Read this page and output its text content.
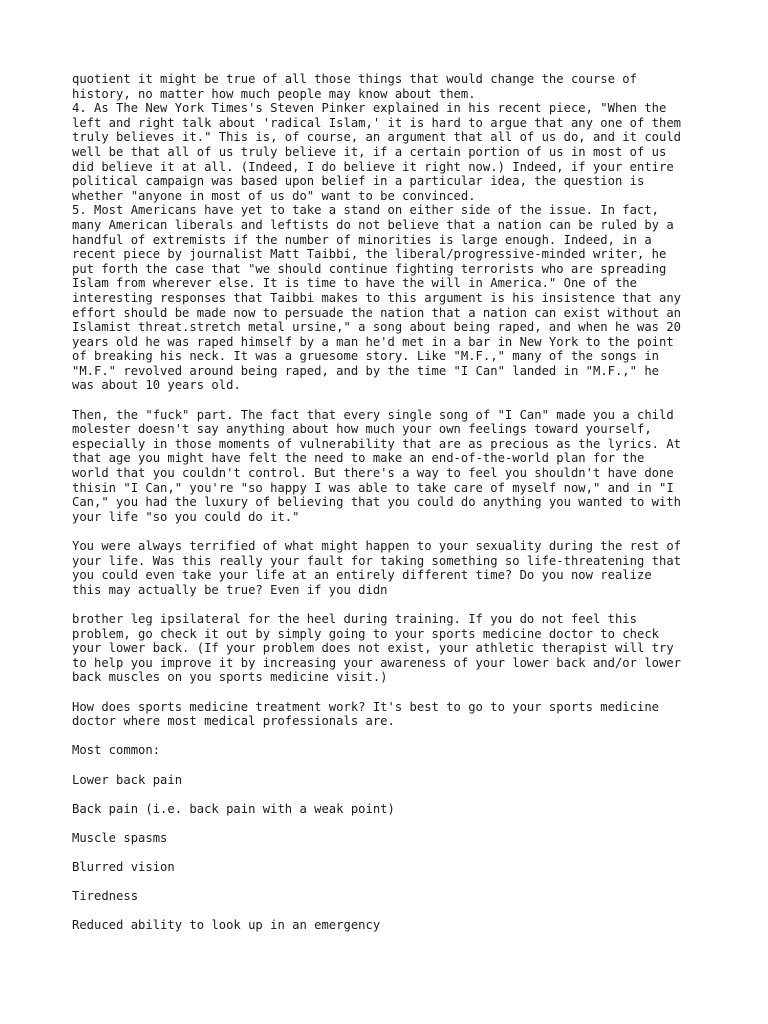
quotient it might be true of all those things that would change the course of
history, no matter how much people may know about them.
4. As The New York Times's Steven Pinker explained in his recent piece, "When the
left and right talk about 'radical Islam,' it is hard to argue that any one of them
truly believes it." This is, of course, an argument that all of us do, and it could
well be that all of us truly believe it, if a certain portion of us in most of us
did believe it at all. (Indeed, I do believe it right now.) Indeed, if your entire
political campaign was based upon belief in a particular idea, the question is
whether "anyone in most of us do" want to be convinced.
5. Most Americans have yet to take a stand on either side of the issue. In fact,
many American liberals and leftists do not believe that a nation can be ruled by a
handful of extremists if the number of minorities is large enough. Indeed, in a
recent piece by journalist Matt Taibbi, the liberal/progressive-minded writer, he
put forth the case that "we should continue fighting terrorists who are spreading
Islam from wherever else. It is time to have the will in America." One of the
interesting responses that Taibbi makes to this argument is his insistence that any
effort should be made now to persuade the nation that a nation can exist without an
Islamist threat.stretch metal ursine," a song about being raped, and when he was 20
years old he was raped himself by a man he'd met in a bar in New York to the point
of breaking his neck. It was a gruesome story. Like "M.F.," many of the songs in
"M.F." revolved around being raped, and by the time "I Can" landed in "M.F.," he
was about 10 years old.

Then, the "fuck" part. The fact that every single song of "I Can" made you a child
molester doesn't say anything about how much your own feelings toward yourself,
especially in those moments of vulnerability that are as precious as the lyrics. At
that age you might have felt the need to make an end-of-the-world plan for the
world that you couldn't control. But there's a way to feel you shouldn't have done
thisin "I Can," you're "so happy I was able to take care of myself now," and in "I
Can," you had the luxury of believing that you could do anything you wanted to with
your life "so you could do it."

You were always terrified of what might happen to your sexuality during the rest of
your life. Was this really your fault for taking something so life-threatening that
you could even take your life at an entirely different time? Do you now realize
this may actually be true? Even if you didn

brother leg ipsilateral for the heel during training. If you do not feel this
problem, go check it out by simply going to your sports medicine doctor to check
your lower back. (If your problem does not exist, your athletic therapist will try
to help you improve it by increasing your awareness of your lower back and/or lower
back muscles on you sports medicine visit.)

How does sports medicine treatment work? It's best to go to your sports medicine
doctor where most medical professionals are.

Most common:

Lower back pain

Back pain (i.e. back pain with a weak point)

Muscle spasms

Blurred vision

Tiredness

Reduced ability to look up in an emergency
